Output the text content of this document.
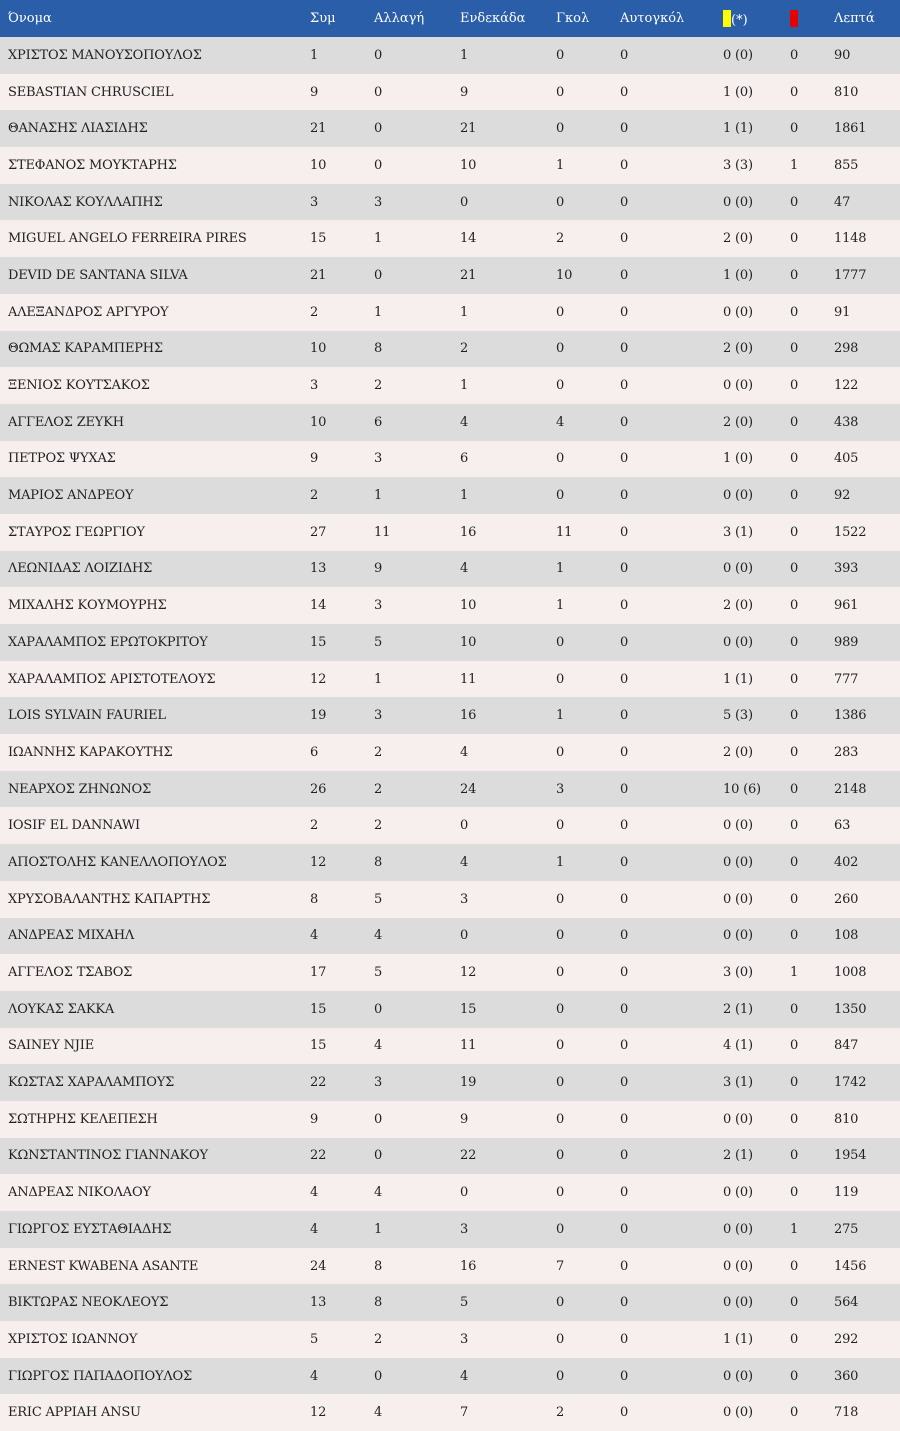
Όνομα	Συμ	Αλλαγή	Ενδεκάδα	Γκολ	Αυτογκόλ	(*)		Λεπτά
ΧΡΙΣΤΟΣ ΜΑΝΟΥΣΟΠΟΥΛΟΣ	1	0	1	0	0	0 (0)	0	90
SEBASTIAN CHRUSCIEL	9	0	9	0	0	1 (0)	0	810
ΘΑΝΑΣΗΣ ΛΙΑΣΙΔΗΣ	21	0	21	0	0	1 (1)	0	1861
ΣΤΕΦΑΝΟΣ ΜΟΥΚΤΑΡΗΣ	10	0	10	1	0	3 (3)	1	855
ΝΙΚΟΛΑΣ ΚΟΥΛΛΑΠΗΣ	3	3	0	0	0	0 (0)	0	47
MIGUEL ANGELO FERREIRA PIRES	15	1	14	2	0	2 (0)	0	1148
DEVID DE SANTANA SILVA	21	0	21	10	0	1 (0)	0	1777
ΑΛΕΞΑΝΔΡΟΣ ΑΡΓΥΡΟΥ	2	1	1	0	0	0 (0)	0	91
ΘΩΜΑΣ ΚΑΡΑΜΠΕΡΗΣ	10	8	2	0	0	2 (0)	0	298
ΞΕΝΙΟΣ ΚΟΥΤΣΑΚΟΣ	3	2	1	0	0	0 (0)	0	122
ΑΓΓΕΛΟΣ ΖΕΥΚΗ	10	6	4	4	0	2 (0)	0	438
ΠΕΤΡΟΣ ΨΥΧΑΣ	9	3	6	0	0	1 (0)	0	405
ΜΑΡΙΟΣ ΑΝΔΡΕΟΥ	2	1	1	0	0	0 (0)	0	92
ΣΤΑΥΡΟΣ ΓΕΩΡΓΙΟΥ	27	11	16	11	0	3 (1)	0	1522
ΛΕΩΝΙΔΑΣ ΛΟΙΖΙΔΗΣ	13	9	4	1	0	0 (0)	0	393
ΜΙΧΑΛΗΣ ΚΟΥΜΟΥΡΗΣ	14	3	10	1	0	2 (0)	0	961
ΧΑΡΑΛΑΜΠΟΣ ΕΡΩΤΟΚΡΙΤΟΥ	15	5	10	0	0	0 (0)	0	989
ΧΑΡΑΛΑΜΠΟΣ ΑΡΙΣΤΟΤΕΛΟΥΣ	12	1	11	0	0	1 (1)	0	777
LOIS SYLVAIN FAURIEL	19	3	16	1	0	5 (3)	0	1386
ΙΩΑΝΝΗΣ ΚΑΡΑΚΟΥΤΗΣ	6	2	4	0	0	2 (0)	0	283
ΝΕΑΡΧΟΣ ΖΗΝΩΝΟΣ	26	2	24	3	0	10 (6)	0	2148
IOSIF EL DANNAWI	2	2	0	0	0	0 (0)	0	63
ΑΠΟΣΤΟΛΗΣ ΚΑΝΕΛΛΟΠΟΥΛΟΣ	12	8	4	1	0	0 (0)	0	402
ΧΡΥΣΟΒΑΛΑΝΤΗΣ ΚΑΠΑΡΤΗΣ	8	5	3	0	0	0 (0)	0	260
ΑΝΔΡΕΑΣ ΜΙΧΑΗΛ	4	4	0	0	0	0 (0)	0	108
ΑΓΓΕΛΟΣ ΤΣΑΒΟΣ	17	5	12	0	0	3 (0)	1	1008
ΛΟΥΚΑΣ ΣΑΚΚΑ	15	0	15	0	0	2 (1)	0	1350
SAINEY NJIE	15	4	11	0	0	4 (1)	0	847
ΚΩΣΤΑΣ ΧΑΡΑΛΑΜΠΟΥΣ	22	3	19	0	0	3 (1)	0	1742
ΣΩΤΗΡΗΣ ΚΕΛΕΠΕΣΗ	9	0	9	0	0	0 (0)	0	810
ΚΩΝΣΤΑΝΤΙΝΟΣ ΓΙΑΝΝΑΚΟΥ	22	0	22	0	0	2 (1)	0	1954
ΑΝΔΡΕΑΣ ΝΙΚΟΛΑΟΥ	4	4	0	0	0	0 (0)	0	119
ΓΙΩΡΓΟΣ ΕΥΣΤΑΘΙΑΔΗΣ	4	1	3	0	0	0 (0)	1	275
ERNEST KWABENA ASANTE	24	8	16	7	0	0 (0)	0	1456
ΒΙΚΤΩΡΑΣ ΝΕΟΚΛΕΟΥΣ	13	8	5	0	0	0 (0)	0	564
ΧΡΙΣΤΟΣ ΙΩΑΝΝΟΥ	5	2	3	0	0	1 (1)	0	292
ΓΙΩΡΓΟΣ ΠΑΠΑΔΟΠΟΥΛΟΣ	4	0	4	0	0	0 (0)	0	360
ERIC APPIAH ANSU	12	4	7	2	0	0 (0)	0	718
